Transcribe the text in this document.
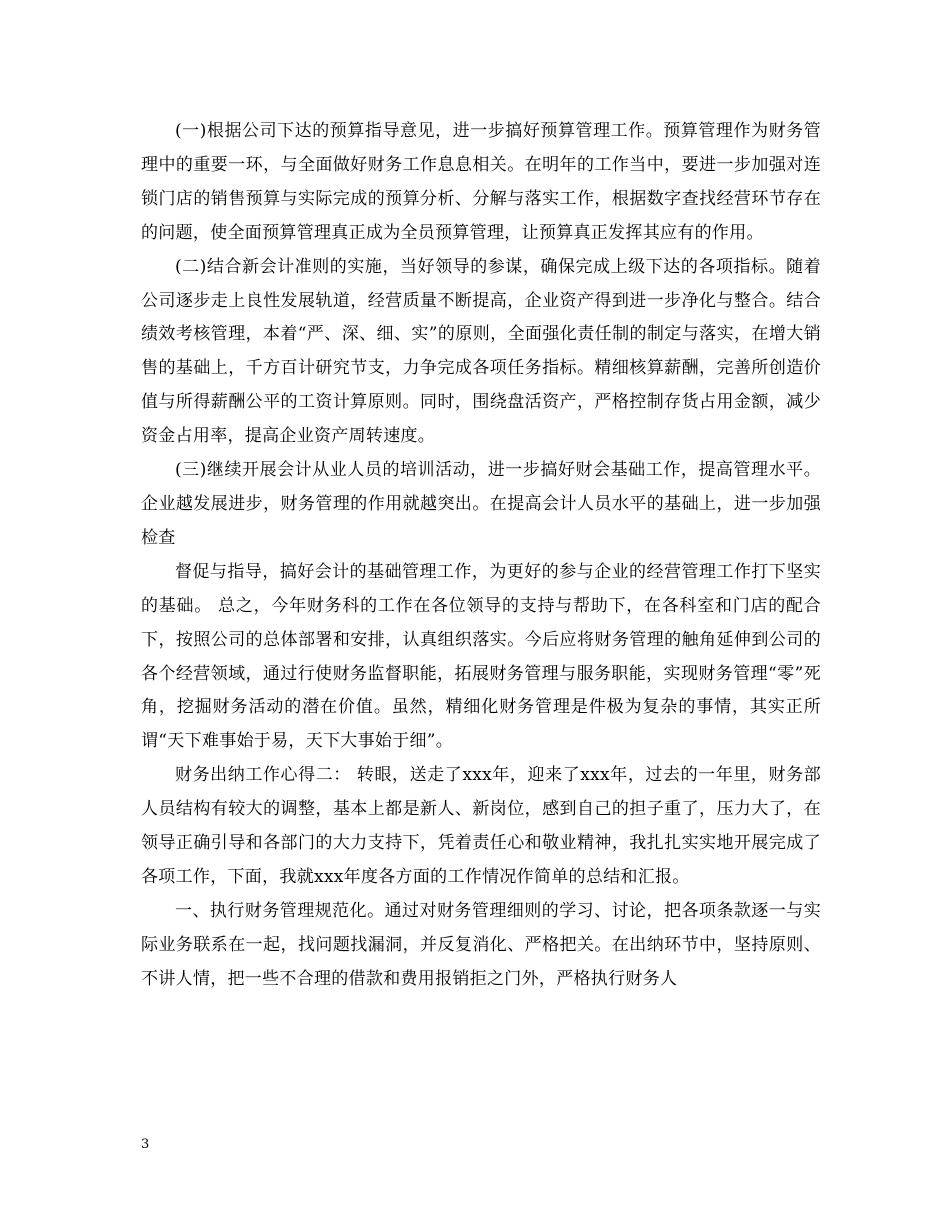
(一)根据公司下达的预算指导意见，进一步搞好预算管理工作。预算管理作为财务管理中的重要一环，与全面做好财务工作息息相关。在明年的工作当中，要进一步加强对连锁门店的销售预算与实际完成的预算分析、分解与落实工作，根据数字查找经营环节存在的问题，使全面预算管理真正成为全员预算管理，让预算真正发挥其应有的作用。

(二)结合新会计准则的实施，当好领导的参谋，确保完成上级下达的各项指标。随着公司逐步走上良性发展轨道，经营质量不断提高，企业资产得到进一步净化与整合。结合绩效考核管理，本着“严、深、细、实”的原则，全面强化责任制的制定与落实，在增大销售的基础上，千方百计研究节支，力争完成各项任务指标。精细核算薪酬，完善所创造价值与所得薪酬公平的工资计算原则。同时，围绕盘活资产，严格控制存货占用金额，减少资金占用率，提高企业资产周转速度。

(三)继续开展会计从业人员的培训活动，进一步搞好财会基础工作，提高管理水平。企业越发展进步，财务管理的作用就越突出。在提高会计人员水平的基础上，进一步加强检查

督促与指导，搞好会计的基础管理工作，为更好的参与企业的经营管理工作打下坚实的基础。 总之，今年财务科的工作在各位领导的支持与帮助下，在各科室和门店的配合下，按照公司的总体部署和安排，认真组织落实。今后应将财务管理的触角延伸到公司的各个经营领域，通过行使财务监督职能，拓展财务管理与服务职能，实现财务管理“零”死角，挖掘财务活动的潜在价值。虽然，精细化财务管理是件极为复杂的事情，其实正所谓“天下难事始于易，天下大事始于细”。

财务出纳工作心得二： 转眼，送走了xxx年，迎来了xxx年，过去的一年里，财务部人员结构有较大的调整，基本上都是新人、新岗位，感到自己的担子重了，压力大了，在领导正确引导和各部门的大力支持下，凭着责任心和敬业精神，我扎扎实实地开展完成了各项工作，下面，我就xxx年度各方面的工作情况作简单的总结和汇报。

一、执行财务管理规范化。通过对财务管理细则的学习、讨论，把各项条款逐一与实际业务联系在一起，找问题找漏洞，并反复消化、严格把关。在出纳环节中，坚持原则、不讲人情，把一些不合理的借款和费用报销拒之门外，严格执行财务人

3
